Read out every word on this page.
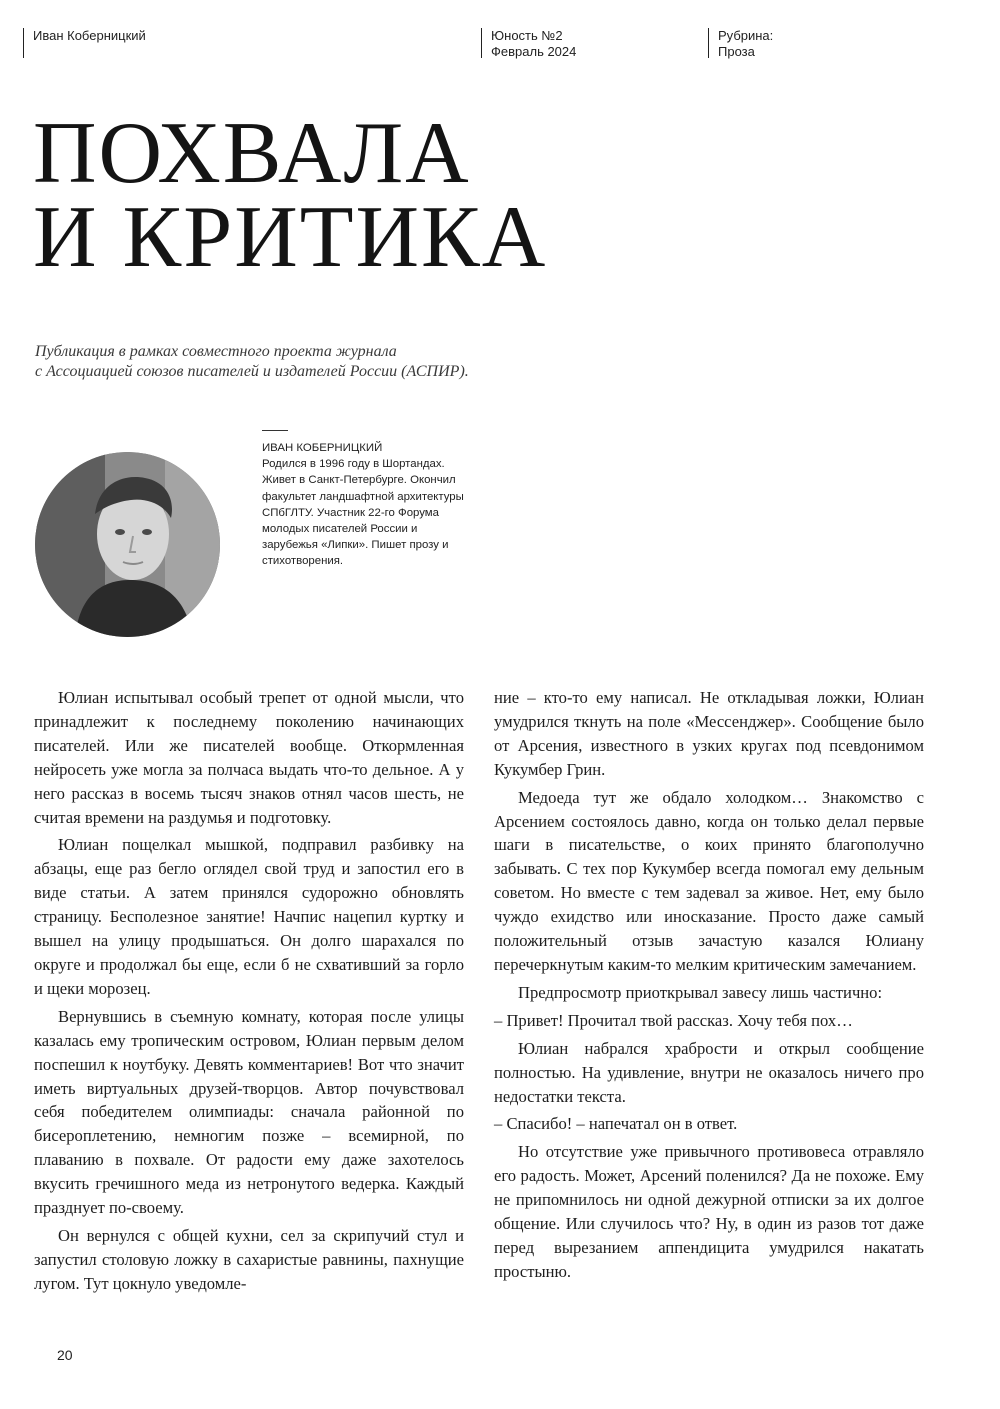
Иван Коберницкий	Юность №2
Февраль 2024
Рубрина:
Проза
ПОХВАЛА
И КРИТИКА
Публикация в рамках совместного проекта журнала
с Ассоциацией союзов писателей и издателей России (АСПИР).
ИВАН КОБЕРНИЦКИЙ
Родился в 1996 году в Шортандах. Живет в Санкт-Петербурге. Окончил факультет ландшафтной архитектуры СПбГЛТУ. Участник 22-го Форума молодых писателей России и зарубежья «Липки». Пишет прозу и стихотворения.

Юлиан испытывал особый трепет от одной мысли, что принадлежит к последнему поколению начинающих писателей. Или же писателей вообще. Откормленная нейросеть уже могла за полчаса выдать что-то дельное. А у него рассказ в восемь тысяч знаков отнял часов шесть, не считая времени на раздумья и подготовку.

Юлиан пощелкал мышкой, подправил разбивку на абзацы, еще раз бегло оглядел свой труд и запостил его в виде статьи. А затем принялся судорожно обновлять страницу. Бесполезное занятие! Начпис нацепил куртку и вышел на улицу продышаться. Он долго шарахался по округе и продолжал бы еще, если б не схвативший за горло и щеки морозец.

Вернувшись в съемную комнату, которая после улицы казалась ему тропическим островом, Юлиан первым делом поспешил к ноутбуку. Девять комментариев! Вот что значит иметь виртуальных друзей-творцов. Автор почувствовал себя победителем олимпиады: сначала районной по бисероплетению, немногим позже – всемирной, по плаванию в похвале. От радости ему даже захотелось вкусить гречишного меда из нетронутого ведерка. Каждый празднует по-своему.

Он вернулся с общей кухни, сел за скрипучий стул и запустил столовую ложку в сахаристые равнины, пахнущие лугом. Тут цокнуло уведомле-

ние – кто-то ему написал. Не откладывая ложки, Юлиан умудрился ткнуть на поле «Мессенджер». Сообщение было от Арсения, известного в узких кругах под псевдонимом Кукумбер Грин.

Медоеда тут же обдало холодком… Знакомство с Арсением состоялось давно, когда он только делал первые шаги в писательстве, о коих принято благополучно забывать. С тех пор Кукумбер всегда помогал ему дельным советом. Но вместе с тем задевал за живое. Нет, ему было чуждо ехидство или иносказание. Просто даже самый положительный отзыв зачастую казался Юлиану перечеркнутым каким-то мелким критическим замечанием.

Предпросмотр приоткрывал завесу лишь частично:

– Привет! Прочитал твой рассказ. Хочу тебя пох…

Юлиан набрался храбрости и открыл сообщение полностью. На удивление, внутри не оказалось ничего про недостатки текста.

– Спасибо! – напечатал он в ответ.

Но отсутствие уже привычного противовеса отравляло его радость. Может, Арсений поленился? Да не похоже. Ему не припомнилось ни одной дежурной отписки за их долгое общение. Или случилось что? Ну, в один из разов тот даже перед вырезанием аппендицита умудрился накатать простыню.

20
